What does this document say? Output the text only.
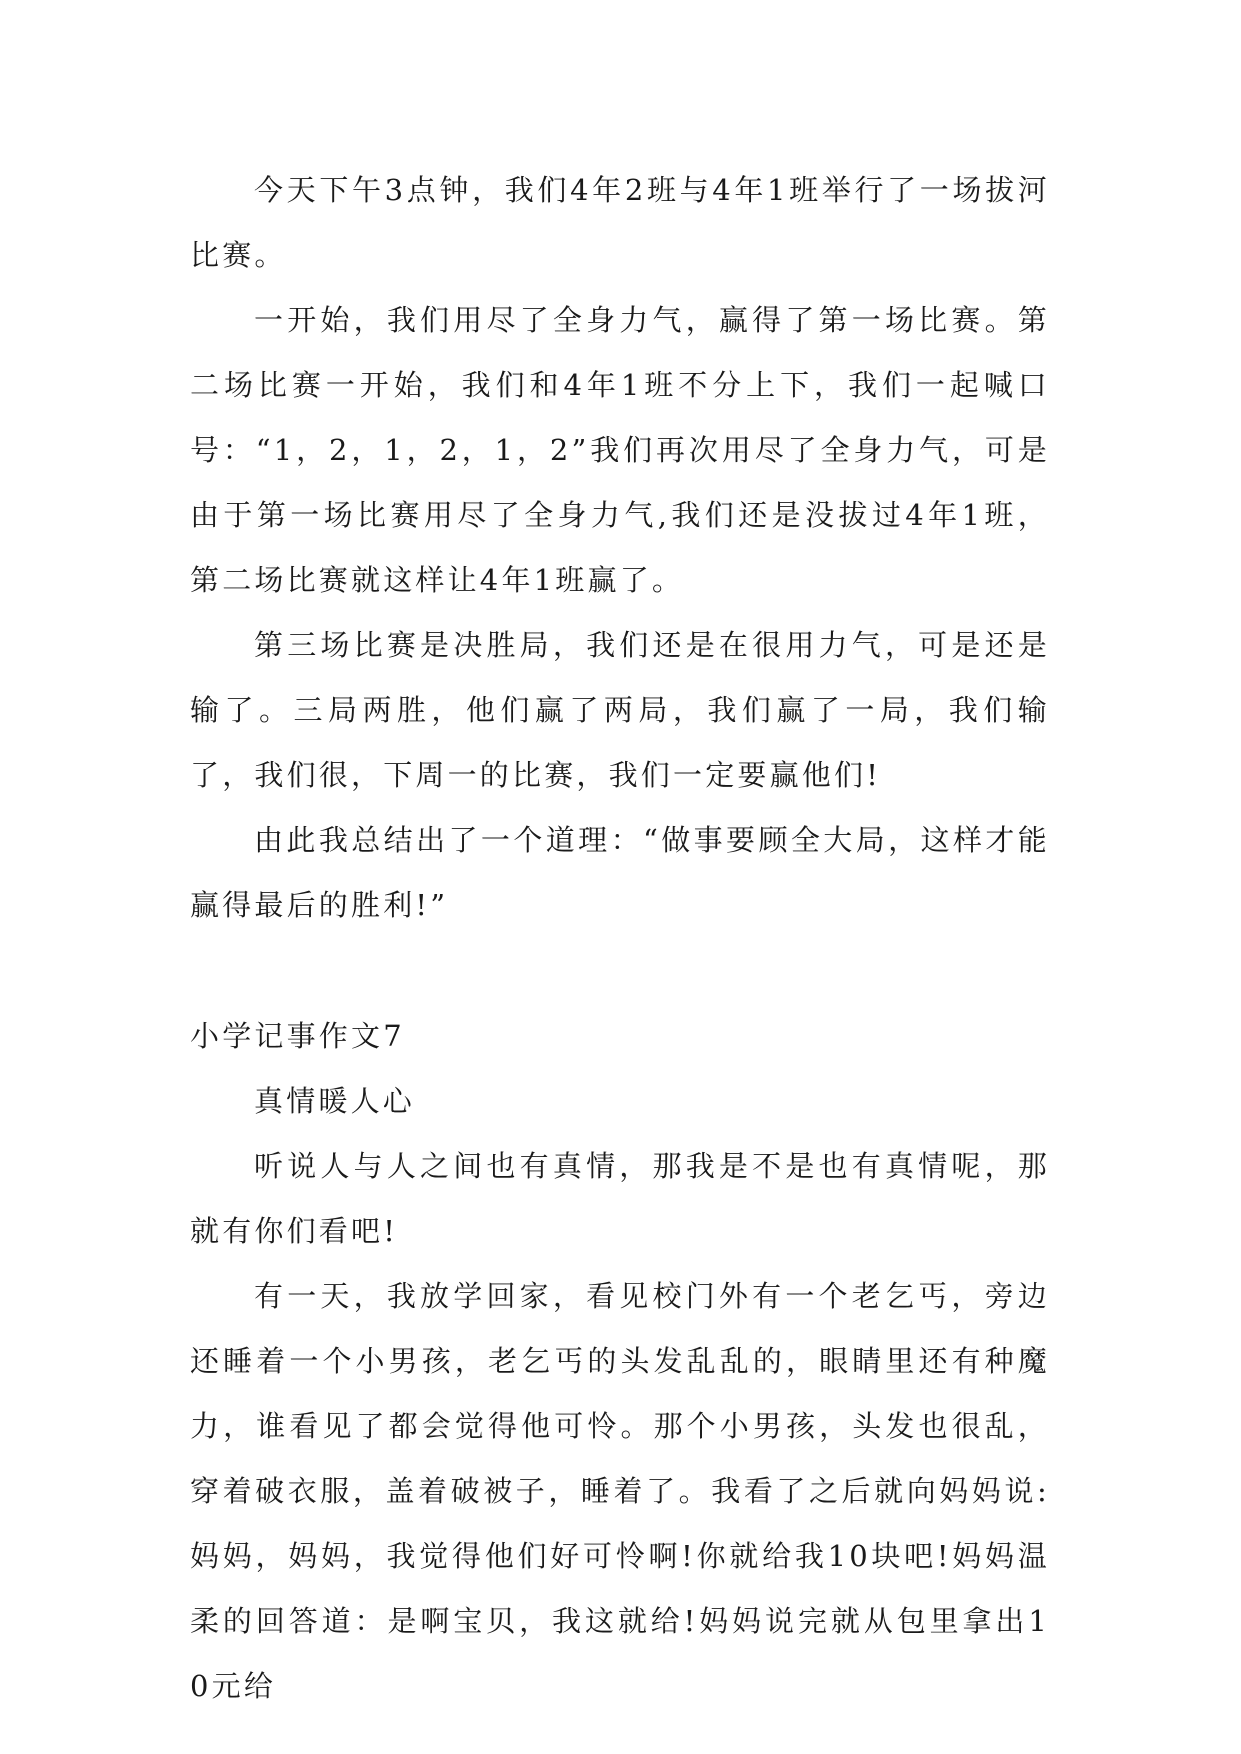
今天下午3点钟，我们4年2班与4年1班举行了一场拔河比赛。

一开始，我们用尽了全身力气，赢得了第一场比赛。第二场比赛一开始，我们和4年1班不分上下，我们一起喊口号：“1，2，1，2，1，2”我们再次用尽了全身力气，可是由于第一场比赛用尽了全身力气,我们还是没拔过4年1班，第二场比赛就这样让4年1班赢了。

第三场比赛是决胜局，我们还是在很用力气，可是还是输了。三局两胜，他们赢了两局，我们赢了一局，我们输了，我们很，下周一的比赛，我们一定要赢他们!

由此我总结出了一个道理：“做事要顾全大局，这样才能赢得最后的胜利!”

小学记事作文7

真情暖人心

听说人与人之间也有真情，那我是不是也有真情呢，那就有你们看吧!

有一天，我放学回家，看见校门外有一个老乞丐，旁边还睡着一个小男孩，老乞丐的头发乱乱的，眼睛里还有种魔力，谁看见了都会觉得他可怜。那个小男孩，头发也很乱，穿着破衣服，盖着破被子，睡着了。我看了之后就向妈妈说:妈妈，妈妈，我觉得他们好可怜啊!你就给我10块吧!妈妈温柔的回答道：是啊宝贝，我这就给!妈妈说完就从包里拿出10元给
